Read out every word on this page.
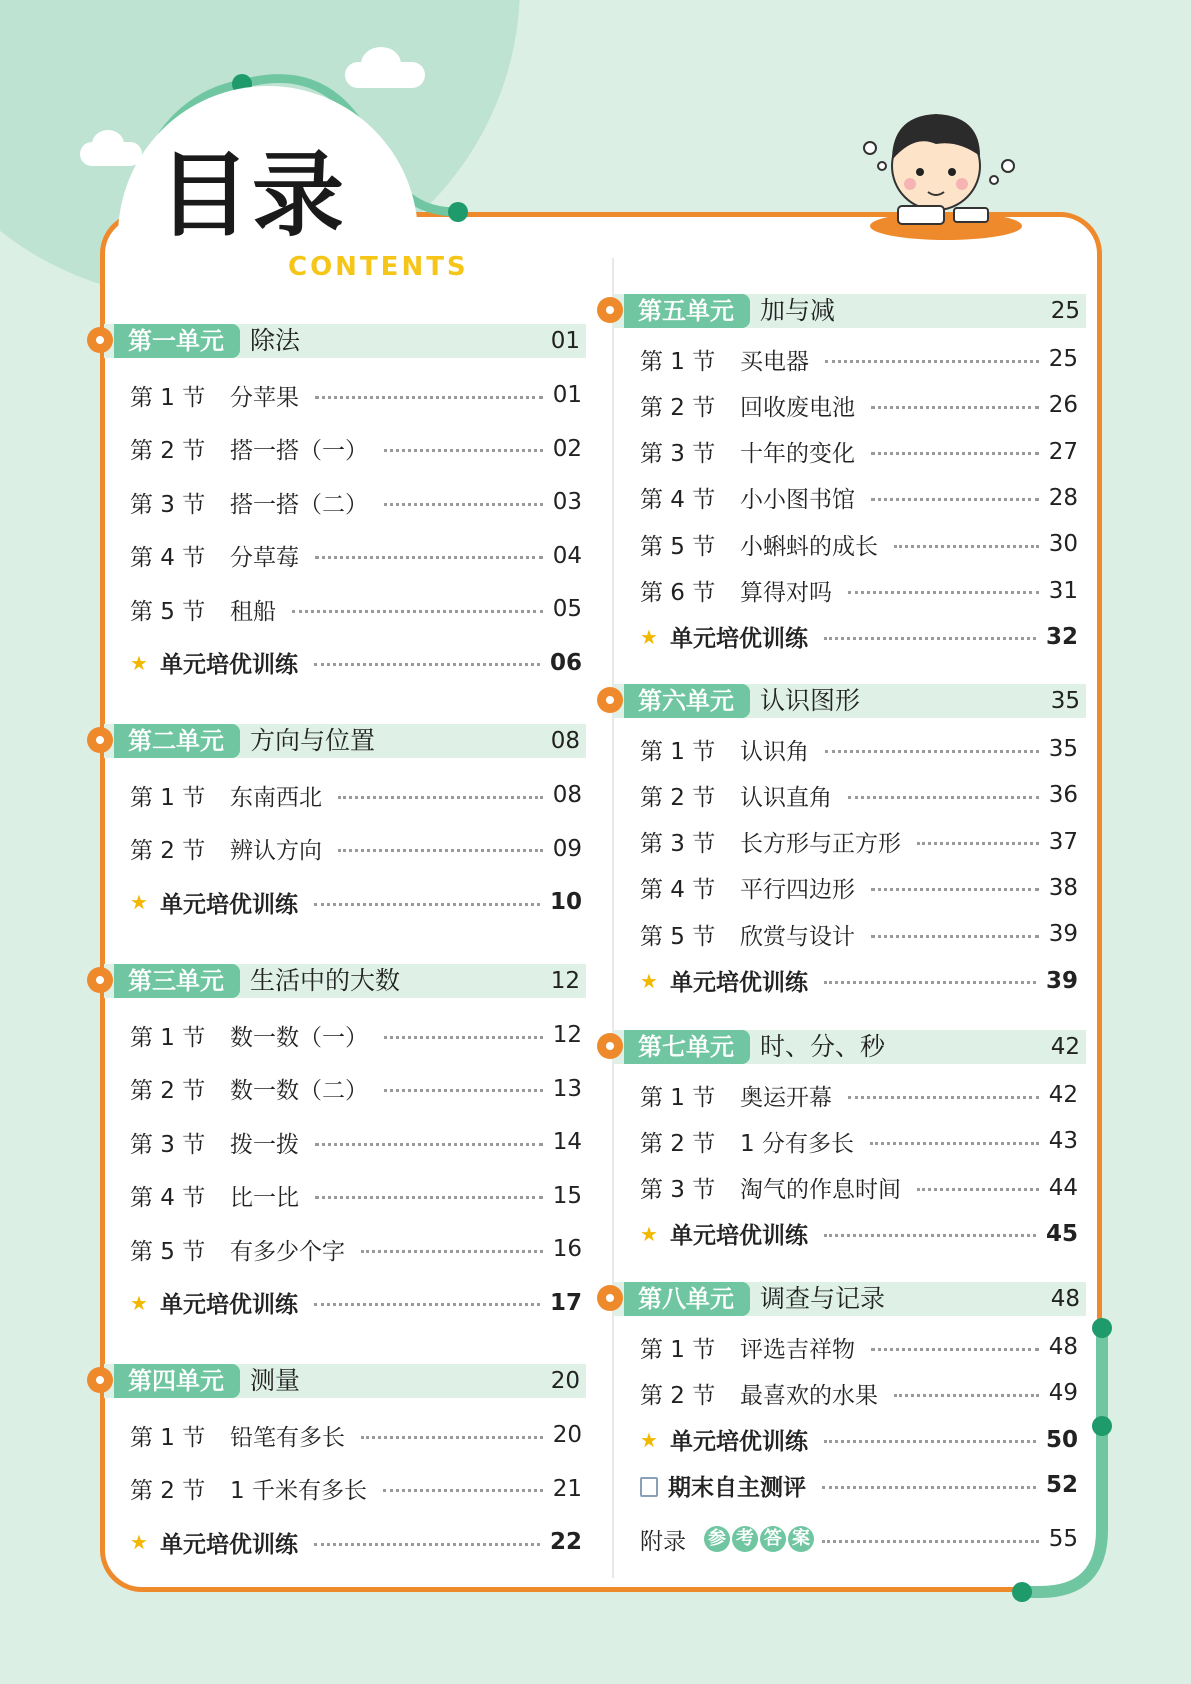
目录
CONTENTS
第一单元	除法	01
第 1 节	分苹果	01
第 2 节	搭一搭（一）	02
第 3 节	搭一搭（二）	03
第 4 节	分草莓	04
第 5 节	租船	05
★ 单元培优训练	06
第二单元	方向与位置	08
第 1 节	东南西北	08
第 2 节	辨认方向	09
★ 单元培优训练	10
第三单元	生活中的大数	12
第 1 节	数一数（一）	12
第 2 节	数一数（二）	13
第 3 节	拨一拨	14
第 4 节	比一比	15
第 5 节	有多少个字	16
★ 单元培优训练	17
第四单元	测量	20
第 1 节	铅笔有多长	20
第 2 节	1 千米有多长	21
★ 单元培优训练	22
第五单元	加与减	25
第 1 节	买电器	25
第 2 节	回收废电池	26
第 3 节	十年的变化	27
第 4 节	小小图书馆	28
第 5 节	小蝌蚪的成长	30
第 6 节	算得对吗	31
★ 单元培优训练	32
第六单元	认识图形	35
第 1 节	认识角	35
第 2 节	认识直角	36
第 3 节	长方形与正方形	37
第 4 节	平行四边形	38
第 5 节	欣赏与设计	39
★ 单元培优训练	39
第七单元	时、分、秒	42
第 1 节	奥运开幕	42
第 2 节	1 分有多长	43
第 3 节	淘气的作息时间	44
★ 单元培优训练	45
第八单元	调查与记录	48
第 1 节	评选吉祥物	48
第 2 节	最喜欢的水果	49
★ 单元培优训练	50
期末自主测评	52
附录	参 考 答 案	55
